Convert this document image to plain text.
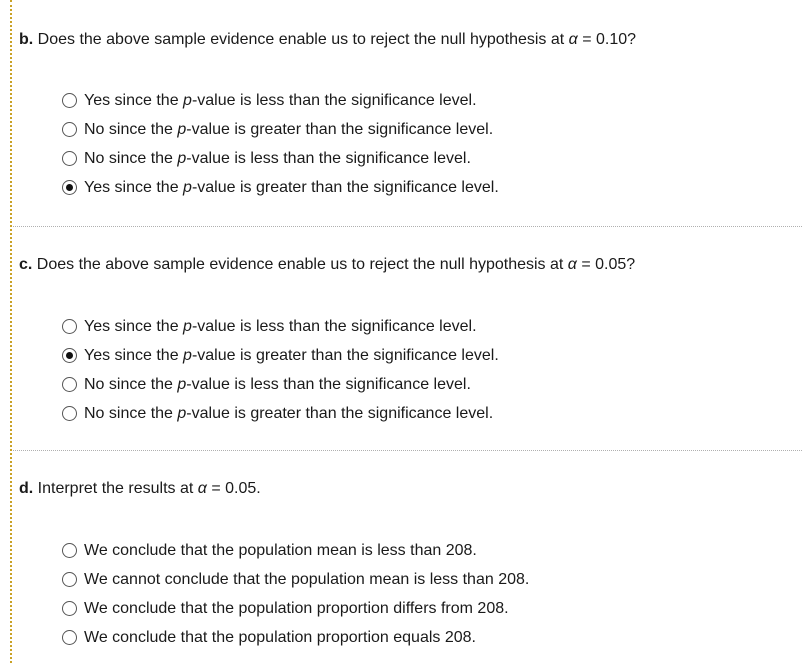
b. Does the above sample evidence enable us to reject the null hypothesis at α = 0.10?
Yes since the p-value is less than the significance level.
No since the p-value is greater than the significance level.
No since the p-value is less than the significance level.
Yes since the p-value is greater than the significance level.
c. Does the above sample evidence enable us to reject the null hypothesis at α = 0.05?
Yes since the p-value is less than the significance level.
Yes since the p-value is greater than the significance level.
No since the p-value is less than the significance level.
No since the p-value is greater than the significance level.
d. Interpret the results at α = 0.05.
We conclude that the population mean is less than 208.
We cannot conclude that the population mean is less than 208.
We conclude that the population proportion differs from 208.
We conclude that the population proportion equals 208.
